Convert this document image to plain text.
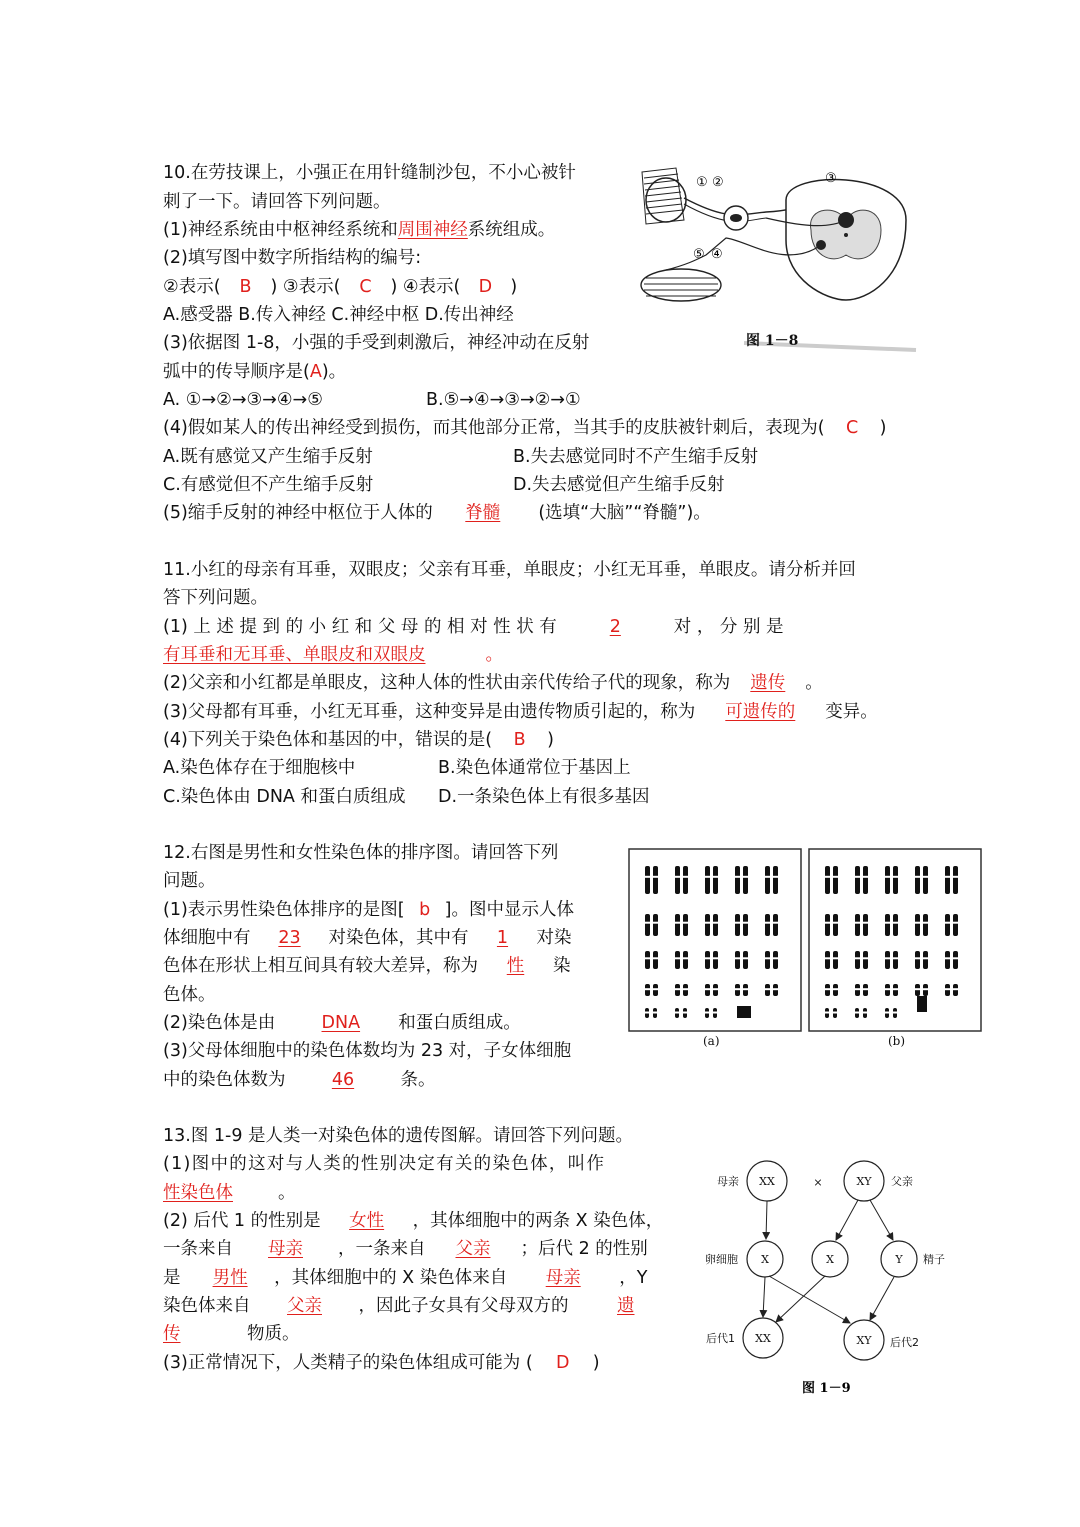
10.在劳技课上，小强正在用针缝制沙包，不小心被针
刺了一下。请回答下列问题。
(1)神经系统由中枢神经系统和周围神经系统组成。
(2)填写图中数字所指结构的编号:
②表示( B ) ③表示( C ) ④表示( D )
A.感受器 B.传入神经 C.神经中枢 D.传出神经
(3)依据图 1-8，小强的手受到刺激后，神经冲动在反射
弧中的传导顺序是(A)。
A. ①→②→③→④→⑤	B.⑤→④→③→②→①
(4)假如某人的传出神经受到损伤，而其他部分正常，当其手的皮肤被针刺后，表现为( C )
A.既有感觉又产生缩手反射	B.失去感觉同时不产生缩手反射
C.有感觉但不产生缩手反射	D.失去感觉但产生缩手反射
(5)缩手反射的神经中枢位于人体的 脊髓 (选填“大脑”“脊髓”)。
① ②	③
④
⑤
图 1－8
11.小红的母亲有耳垂，双眼皮；父亲有耳垂，单眼皮；小红无耳垂，单眼皮。请分析并回
答下列问题。
(1) 上 述 提 到 的 小 红 和 父 母 的 相 对 性 状 有	2	对 ， 分 别 是
有耳垂和无耳垂、单眼皮和双眼皮	。
(2)父亲和小红都是单眼皮，这种人体的性状由亲代传给子代的现象，称为 遗传 。
(3)父母都有耳垂，小红无耳垂，这种变异是由遗传物质引起的，称为 可遗传的 变异。
(4)下列关于染色体和基因的中，错误的是( B )
A.染色体存在于细胞核中	B.染色体通常位于基因上
C.染色体由 DNA 和蛋白质组成 D.一条染色体上有很多基因
12.右图是男性和女性染色体的排序图。请回答下列
问题。
(1)表示男性染色体排序的是图[ b ]。图中显示人体
体细胞中有 23 对染色体，其中有 1 对染
色体在形状上相互间具有较大差异，称为 性 染
色体。
(2)染色体是由	DNA 和蛋白质组成。
(3)父母体细胞中的染色体数均为 23 对，子女体细胞
中的染色体数为	46	条。
(a)	(b)
13.图 1-9 是人类一对染色体的遗传图解。请回答下列问题。
(1)图中的这对与人类的性别决定有关的染色体，叫作
性染色体	。
(2) 后代 1 的性别是 女性 ，其体细胞中的两条 X 染色体，
一条来自 母亲 ，一条来自 父亲 ；后代 2 的性别
是 男性 ，其体细胞中的 X 染色体来自 母亲 ，Y
染色体来自 父亲 ，因此子女具有父母双方的	遗
传	物质。
(3)正常情况下，人类精子的染色体组成可能为 ( D )
XX	XY
X	X	Y
XX	XY
×
母亲	父亲
卵细胞	精子
后代1	后代2
图 1－9
